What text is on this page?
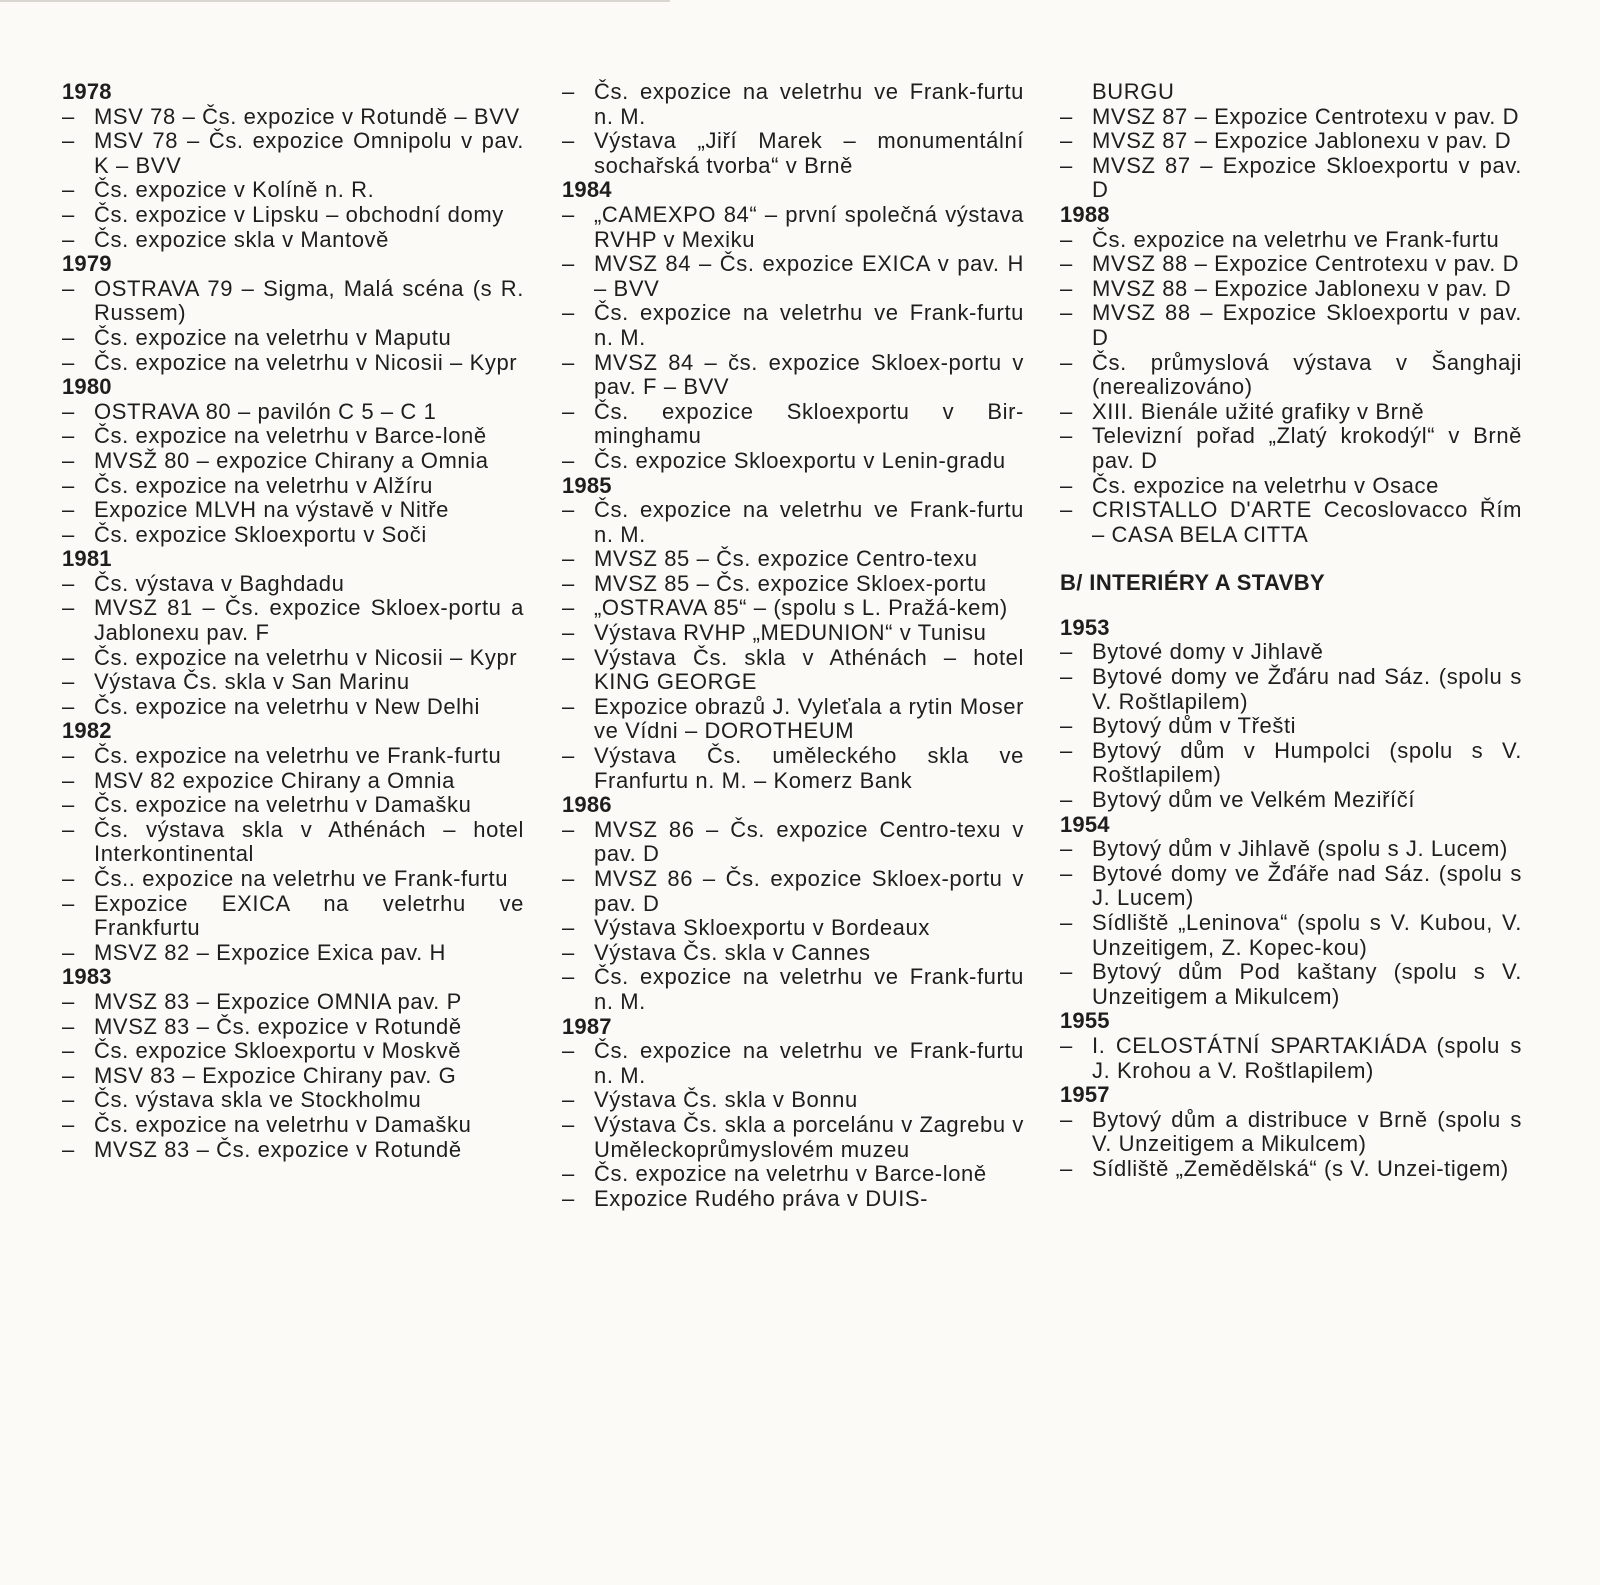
1978
– MSV 78 – Čs. expozice v Rotundě – BVV
– MSV 78 – Čs. expozice Omnipolu v pav. K – BVV
– Čs. expozice v Kolíně n. R.
– Čs. expozice v Lipsku – obchodní domy
– Čs. expozice skla v Mantově
1979
– OSTRAVA 79 – Sigma, Malá scéna (s R. Russem)
– Čs. expozice na veletrhu v Maputu
– Čs. expozice na veletrhu v Nicosii – Kypr
1980
– OSTRAVA 80 – pavilón C 5 – C 1
– Čs. expozice na veletrhu v Barce-loně
– MVSŽ 80 – expozice Chirany a Omnia
– Čs. expozice na veletrhu v Alžíru
– Expozice MLVH na výstavě v Nitře
– Čs. expozice Skloexportu v Soči
1981
– Čs. výstava v Baghdadu
– MVSZ 81 – Čs. expozice Skloex-portu a Jablonexu pav. F
– Čs. expozice na veletrhu v Nicosii – Kypr
– Výstava Čs. skla v San Marinu
– Čs. expozice na veletrhu v New Delhi
1982
– Čs. expozice na veletrhu ve Frank-furtu
– MSV 82 expozice Chirany a Omnia
– Čs. expozice na veletrhu v Damašku
– Čs. výstava skla v Athénách – hotel Interkontinental
– Čs.. expozice na veletrhu ve Frank-furtu
– Expozice EXICA na veletrhu ve Frankfurtu
– MSVZ 82 – Expozice Exica pav. H
1983
– MVSZ 83 – Expozice OMNIA pav. P
– MVSZ 83 – Čs. expozice v Rotundě
– Čs. expozice Skloexportu v Moskvě
– MSV 83 – Expozice Chirany pav. G
– Čs. výstava skla ve Stockholmu
– Čs. expozice na veletrhu v Damašku
– MVSZ 83 – Čs. expozice v Rotundě
– Čs. expozice na veletrhu ve Frank-furtu n. M.
– Výstava „Jiří Marek – monumentální sochařská tvorba“ v Brně
1984
– „CAMEXPO 84“ – první společná výstava RVHP v Mexiku
– MVSZ 84 – Čs. expozice EXICA v pav. H – BVV
– Čs. expozice na veletrhu ve Frank-furtu n. M.
– MVSZ 84 – čs. expozice Skloex-portu v pav. F – BVV
– Čs. expozice Skloexportu v Bir-minghamu
– Čs. expozice Skloexportu v Lenin-gradu
1985
– Čs. expozice na veletrhu ve Frank-furtu n. M.
– MVSZ 85 – Čs. expozice Centro-texu
– MVSZ 85 – Čs. expozice Skloex-portu
– „OSTRAVA 85“ – (spolu s L. Pražá-kem)
– Výstava RVHP „MEDUNION“ v Tunisu
– Výstava Čs. skla v Athénách – hotel KING GEORGE
– Expozice obrazů J. Vyleťala a rytin Moser ve Vídni – DOROTHEUM
– Výstava Čs. uměleckého skla ve Franfurtu n. M. – Komerz Bank
1986
– MVSZ 86 – Čs. expozice Centro-texu v pav. D
– MVSZ 86 – Čs. expozice Skloex-portu v pav. D
– Výstava Skloexportu v Bordeaux
– Výstava Čs. skla v Cannes
– Čs. expozice na veletrhu ve Frank-furtu n. M.
1987
– Čs. expozice na veletrhu ve Frank-furtu n. M.
– Výstava Čs. skla v Bonnu
– Výstava Čs. skla a porcelánu v Zagrebu v Uměleckoprůmyslovém muzeu
– Čs. expozice na veletrhu v Barce-loně
– Expozice Rudého práva v DUIS-
BURGU
– MVSZ 87 – Expozice Centrotexu v pav. D
– MVSZ 87 – Expozice Jablonexu v pav. D
– MVSZ 87 – Expozice Skloexportu v pav. D
1988
– Čs. expozice na veletrhu ve Frank-furtu
– MVSZ 88 – Expozice Centrotexu v pav. D
– MVSZ 88 – Expozice Jablonexu v pav. D
– MVSZ 88 – Expozice Skloexportu v pav. D
– Čs. průmyslová výstava v Šanghaji (nerealizováno)
– XIII. Bienále užité grafiky v Brně
– Televizní pořad „Zlatý krokodýl“ v Brně pav. D
– Čs. expozice na veletrhu v Osace
– CRISTALLO D'ARTE Cecoslovacco Řím – CASA BELA CITTA
B/ INTERIÉRY A STAVBY
1953
– Bytové domy v Jihlavě
– Bytové domy ve Žďáru nad Sáz. (spolu s V. Roštlapilem)
– Bytový dům v Třešti
– Bytový dům v Humpolci (spolu s V. Roštlapilem)
– Bytový dům ve Velkém Meziříčí
1954
– Bytový dům v Jihlavě (spolu s J. Lucem)
– Bytové domy ve Žďáře nad Sáz. (spolu s J. Lucem)
– Sídliště „Leninova“ (spolu s V. Kubou, V. Unzeitigem, Z. Kopec-kou)
– Bytový dům Pod kaštany (spolu s V. Unzeitigem a Mikulcem)
1955
– I. CELOSTÁTNÍ SPARTAKIÁDA (spolu s J. Krohou a V. Roštlapilem)
1957
– Bytový dům a distribuce v Brně (spolu s V. Unzeitigem a Mikulcem)
– Sídliště „Zemědělská“ (s V. Unzei-tigem)
